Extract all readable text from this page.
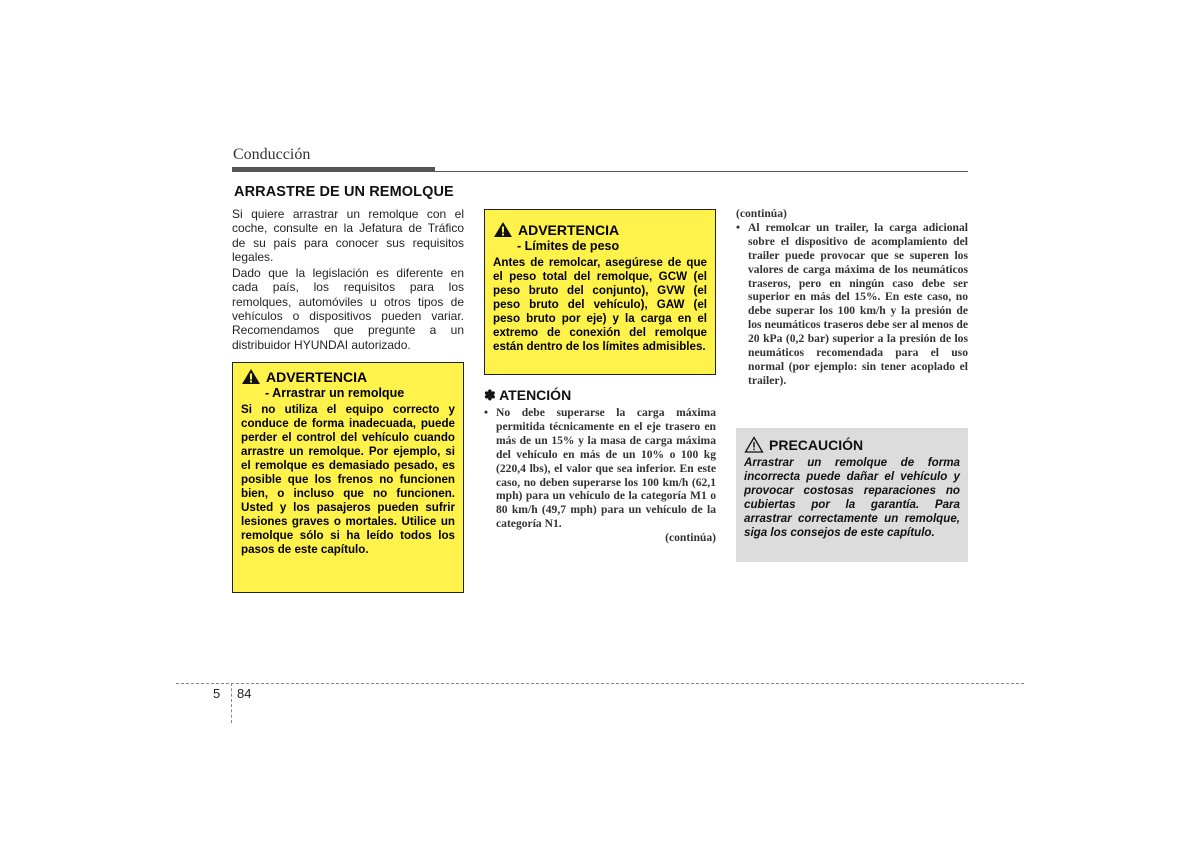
Conducción
ARRASTRE DE UN REMOLQUE

Si quiere arrastrar un remolque con el coche, consulte en la Jefatura de Tráfico de su país para conocer sus requisitos legales.

Dado que la legislación es diferente en cada país, los requisitos para los remolques, automóviles u otros tipos de vehículos o dispositivos pueden variar. Recomendamos que pregunte a un distribuidor HYUNDAI autorizado.

ADVERTENCIA
- Arrastrar un remolque
Si no utiliza el equipo correcto y conduce de forma inadecuada, puede perder el control del vehículo cuando arrastre un remolque. Por ejemplo, si el remolque es demasiado pesado, es posible que los frenos no funcionen bien, o incluso que no funcionen. Usted y los pasajeros pueden sufrir lesiones graves o mortales. Utilice un remolque sólo si ha leído todos los pasos de este capítulo.
ADVERTENCIA
- Límites de peso
Antes de remolcar, asegúrese de que el peso total del remolque, GCW (el peso bruto del conjunto), GVW (el peso bruto del vehículo), GAW (el peso bruto por eje) y la carga en el extremo de conexión del remolque están dentro de los límites admisibles.
✽ ATENCIÓN
• No debe superarse la carga máxima permitida técnicamente en el eje trasero en más de un 15% y la masa de carga máxima del vehículo en más de un 10% o 100 kg (220,4 lbs), el valor que sea inferior. En este caso, no deben superarse los 100 km/h (62,1 mph) para un vehículo de la categoría M1 o 80 km/h (49,7 mph) para un vehículo de la categoría N1.
(continúa)
(continúa)
• Al remolcar un trailer, la carga adicional sobre el dispositivo de acomplamiento del trailer puede provocar que se superen los valores de carga máxima de los neumáticos traseros, pero en ningún caso debe ser superior en más del 15%. En este caso, no debe superar los 100 km/h y la presión de los neumáticos traseros debe ser al menos de 20 kPa (0,2 bar) superior a la presión de los neumáticos recomendada para el uso normal (por ejemplo: sin tener acoplado el trailer).
PRECAUCIÓN
Arrastrar un remolque de forma incorrecta puede dañar el vehículo y provocar costosas reparaciones no cubiertas por la garantía. Para arrastrar correctamente un remolque, siga los consejos de este capítulo.
5 84
